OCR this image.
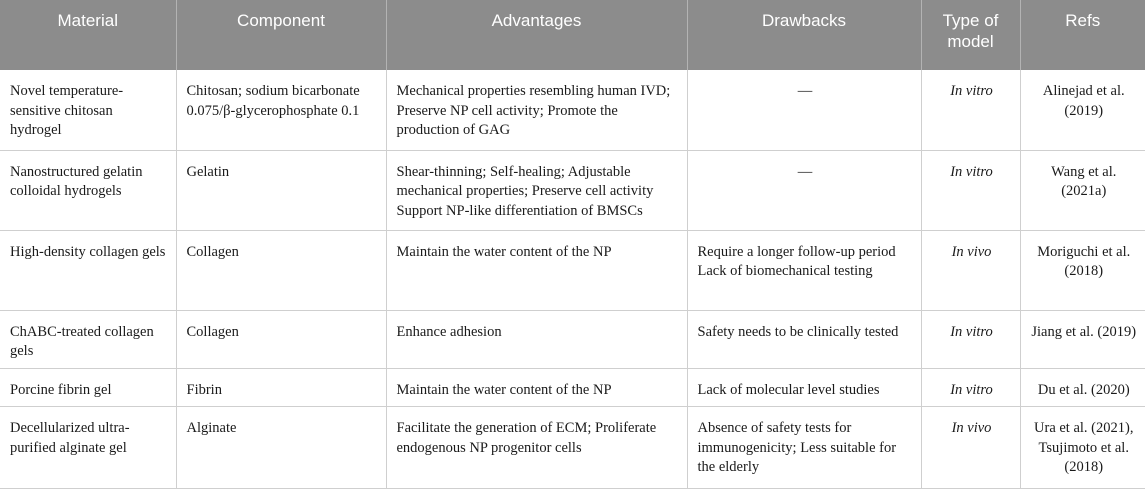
Material	Component	Advantages	Drawbacks	Type of model	Refs
Novel temperature-sensitive chitosan hydrogel	Chitosan; sodium bicarbonate 0.075/β-glycerophosphate 0.1	Mechanical properties resembling human IVD; Preserve NP cell activity; Promote the production of GAG	—	In vitro	Alinejad et al. (2019)
Nanostructured gelatin colloidal hydrogels	Gelatin	Shear-thinning; Self-healing; Adjustable mechanical properties; Preserve cell activity Support NP-like differentiation of BMSCs	—	In vitro	Wang et al. (2021a)
High-density collagen gels	Collagen	Maintain the water content of the NP	Require a longer follow-up period Lack of biomechanical testing	In vivo	Moriguchi et al. (2018)
ChABC-treated collagen gels	Collagen	Enhance adhesion	Safety needs to be clinically tested	In vitro	Jiang et al. (2019)
Porcine fibrin gel	Fibrin	Maintain the water content of the NP	Lack of molecular level studies	In vitro	Du et al. (2020)
Decellularized ultra-purified alginate gel	Alginate	Facilitate the generation of ECM; Proliferate endogenous NP progenitor cells	Absence of safety tests for immunogenicity; Less suitable for the elderly	In vivo	Ura et al. (2021), Tsujimoto et al. (2018)
